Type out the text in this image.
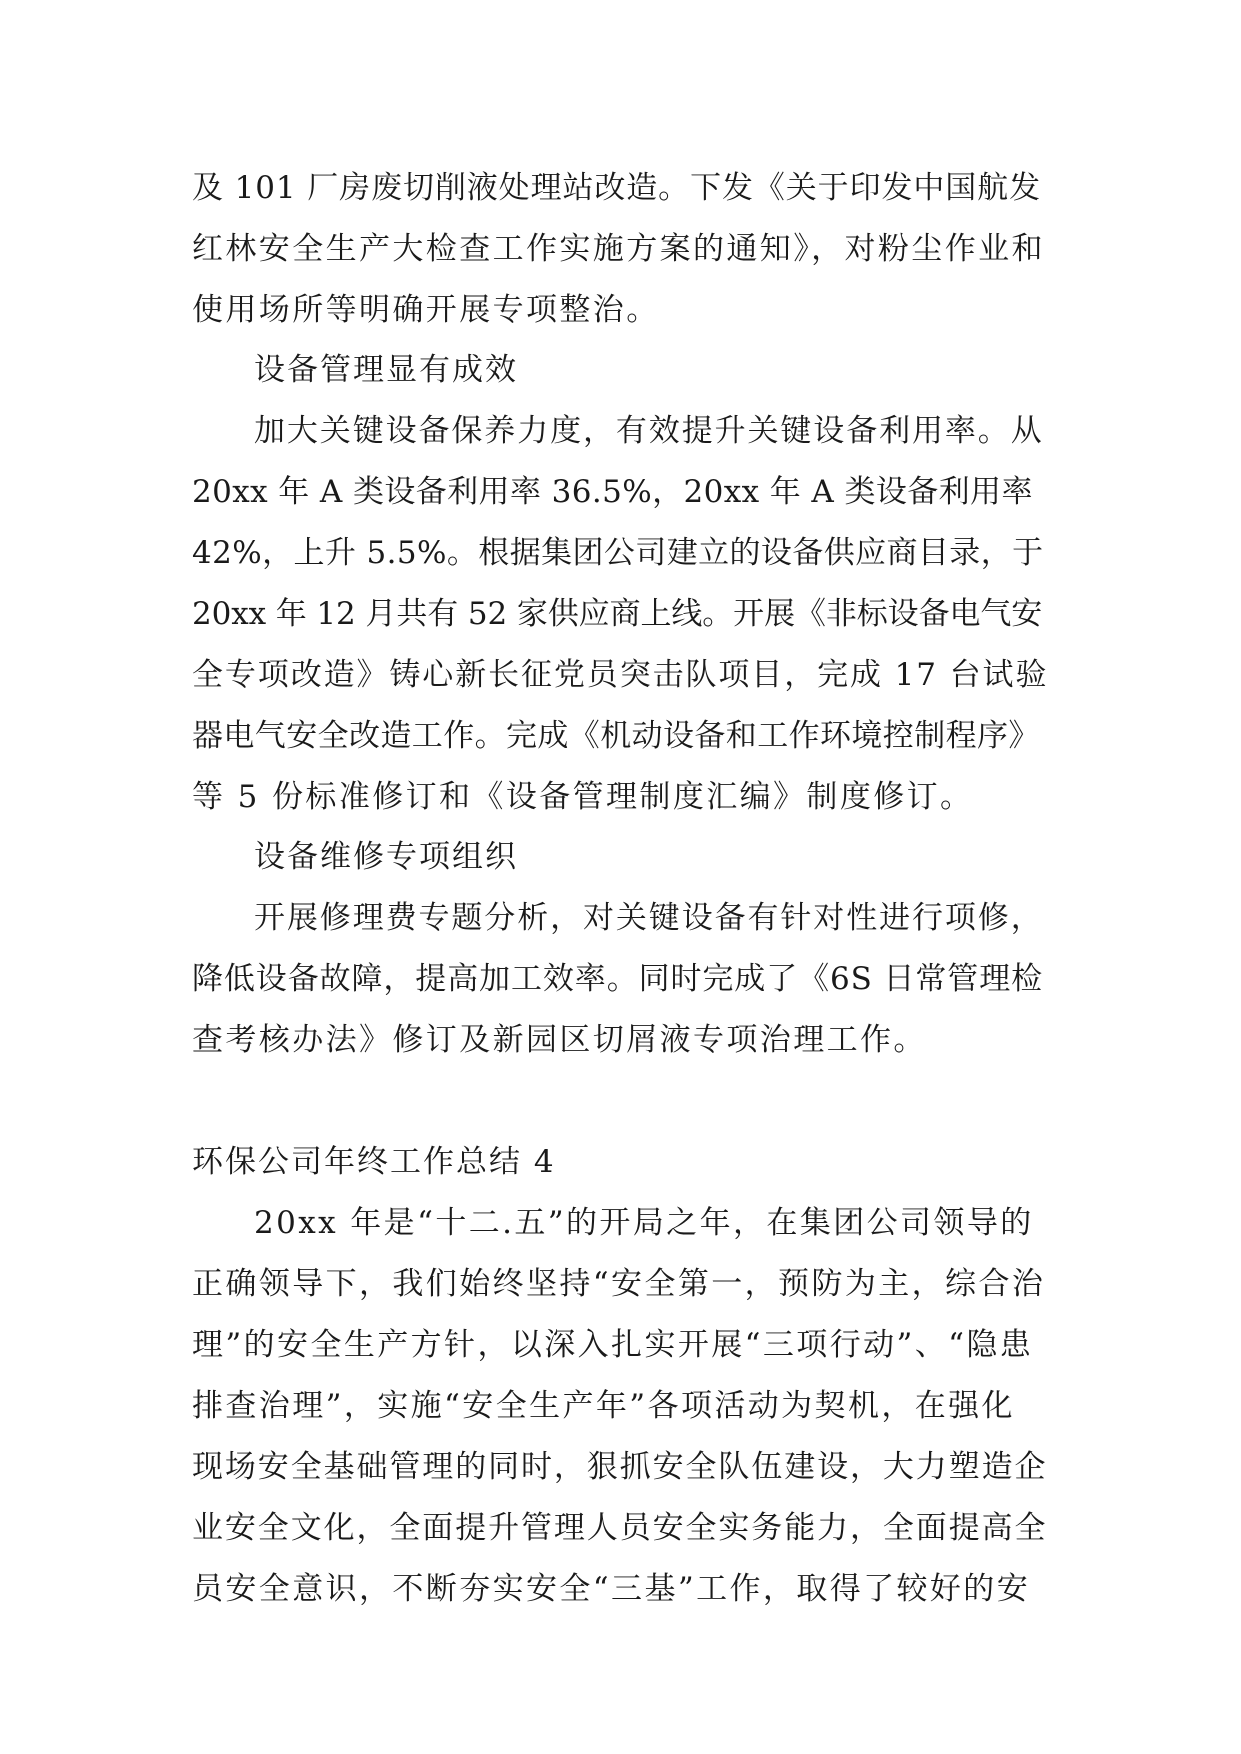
及 101 厂房废切削液处理站改造。下发《关于印发中国航发
红林安全生产大检查工作实施方案的通知》，对粉尘作业和
使用场所等明确开展专项整治。
设备管理显有成效
加大关键设备保养力度，有效提升关键设备利用率。从
20xx 年 A 类设备利用率 36.5%，20xx 年 A 类设备利用率
42%，上升 5.5%。根据集团公司建立的设备供应商目录，于
20xx 年 12 月共有 52 家供应商上线。开展《非标设备电气安
全专项改造》铸心新长征党员突击队项目，完成 17 台试验
器电气安全改造工作。完成《机动设备和工作环境控制程序》
等 5 份标准修订和《设备管理制度汇编》制度修订。
设备维修专项组织
开展修理费专题分析，对关键设备有针对性进行项修，
降低设备故障，提高加工效率。同时完成了《6S 日常管理检
查考核办法》修订及新园区切屑液专项治理工作。
环保公司年终工作总结 4
20xx 年是“十二.五”的开局之年，在集团公司领导的
正确领导下，我们始终坚持“安全第一，预防为主，综合治
理”的安全生产方针，以深入扎实开展“三项行动”、“隐患
排查治理”，实施“安全生产年”各项活动为契机，在强化
现场安全基础管理的同时，狠抓安全队伍建设，大力塑造企
业安全文化，全面提升管理人员安全实务能力，全面提高全
员安全意识，不断夯实安全“三基”工作，取得了较好的安
